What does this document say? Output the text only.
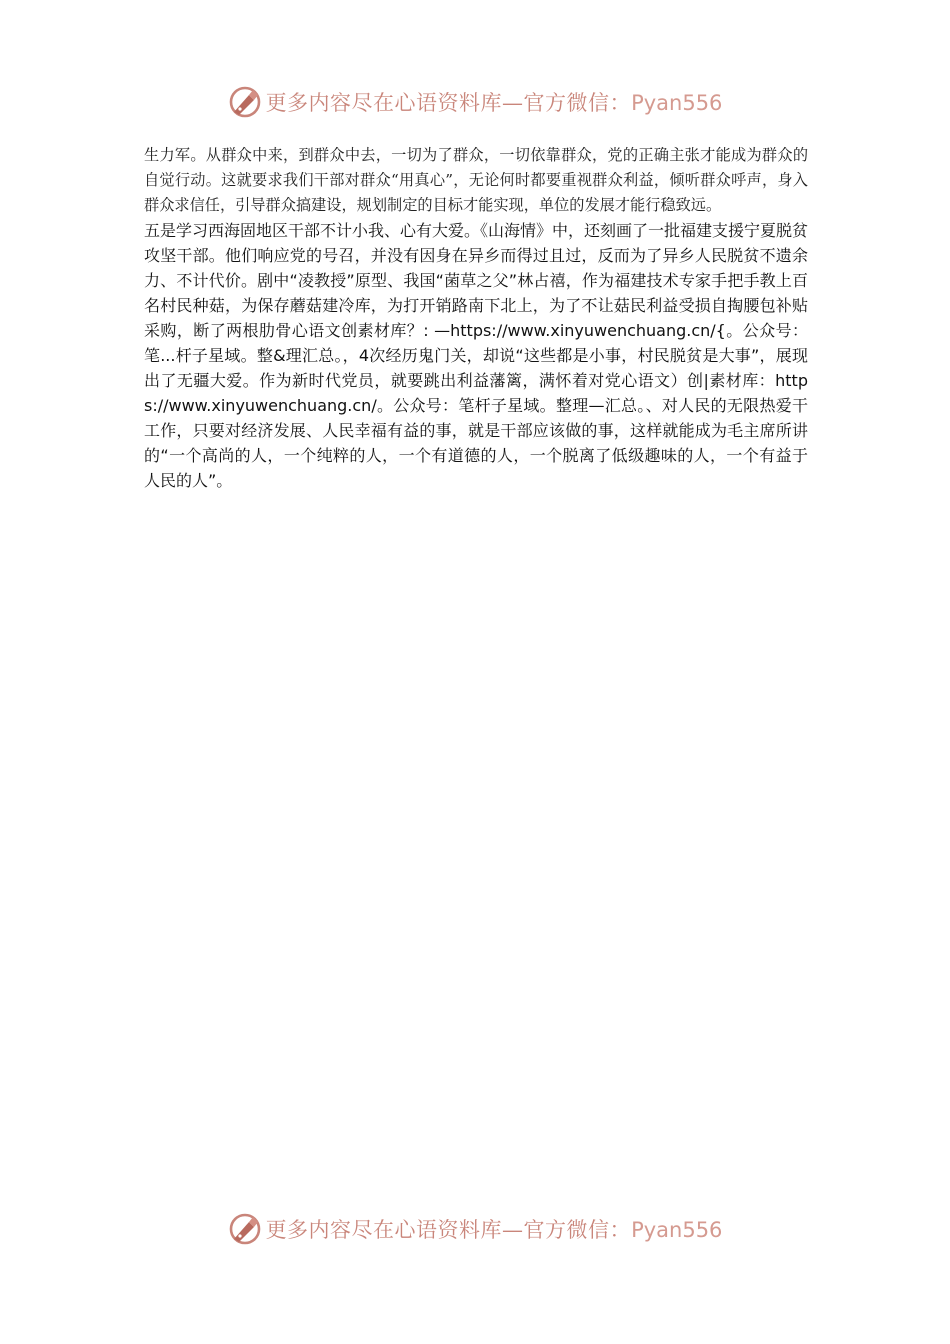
更多内容尽在心语资料库—官方微信：Pyan556

生力军。从群众中来，到群众中去，一切为了群众，一切依靠群众，党的正确主张才能成为群众的自觉行动。这就要求我们干部对群众“用真心”，无论何时都要重视群众利益，倾听群众呼声，身入群众求信任，引导群众搞建设，规划制定的目标才能实现，单位的发展才能行稳致远。

五是学习西海固地区干部不计小我、心有大爱。《山海情》中，还刻画了一批福建支援宁夏脱贫攻坚干部。他们响应党的号召，并没有因身在异乡而得过且过，反而为了异乡人民脱贫不遗余力、不计代价。剧中“凌教授”原型、我国“菌草之父”林占禧，作为福建技术专家手把手教上百名村民种菇，为保存蘑菇建冷库，为打开销路南下北上，为了不让菇民利益受损自掏腰包补贴采购，断了两根肋骨心语文创素材库？: —https://www.xinyuwenchuang.cn/{。公众号：笔...杆子星域。整&理汇总。，4次经历鬼门关，却说“这些都是小事，村民脱贫是大事”，展现出了无疆大爱。作为新时代党员，就要跳出利益藩篱，满怀着对党心语文）创|素材库：https://www.xinyuwenchuang.cn/。公众号：笔杆子星域。整理—汇总。、对人民的无限热爱干工作，只要对经济发展、人民幸福有益的事，就是干部应该做的事，这样就能成为毛主席所讲的“一个高尚的人，一个纯粹的人，一个有道德的人，一个脱离了低级趣味的人，一个有益于人民的人”。

更多内容尽在心语资料库—官方微信：Pyan556
